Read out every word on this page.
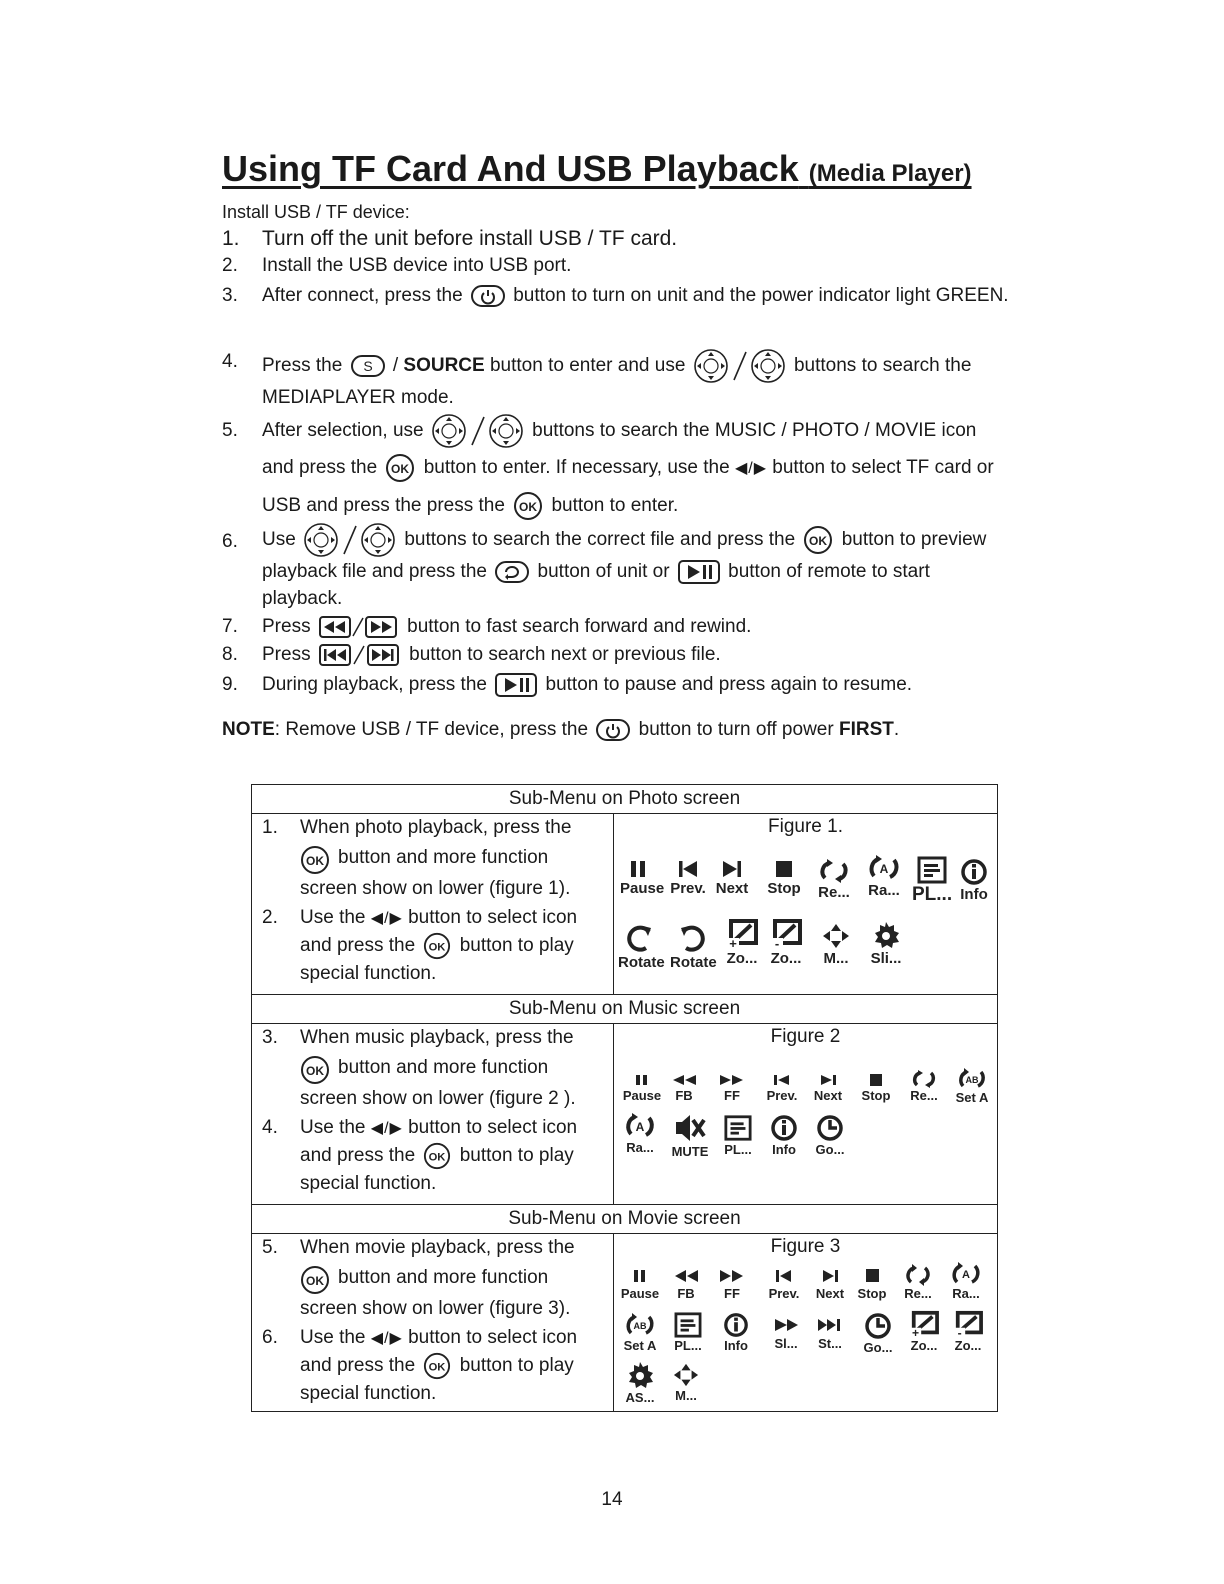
Using TF Card And USB Playback (Media Player)
Install USB / TF device:
1. Turn off the unit before install USB / TF card.
2. Install the USB device into USB port.
3. After connect, press the	button to turn on unit and the power indicator light GREEN.
4. Press the S / SOURCE button to enter and use	buttons to search the MEDIAPLAYER mode.
5. After selection, use	buttons to search the MUSIC / PHOTO / MOVIE icon and press the OK button to enter. If necessary, use the ◀/▶ button to select TF card or USB and press the press the OK button to enter.
6. Use	buttons to search the correct file and press the OK button to preview playback file and press the	button of unit or	button of remote to start playback.
7. Press	button to fast search forward and rewind.
8. Press	button to search next or previous file.
9. During playback, press the	button to pause and press again to resume.
NOTE: Remove USB / TF device, press the	button to turn off power FIRST.
Sub-Menu on Photo screen
1. When photo playback, press the

OK button and more function screen show on lower (figure 1).
2. Use the ◀/▶ button to select icon and press the OK button to play special function.
Figure 1.
Pause Prev. Next Stop Re...
A
Ra... PL... Info
Rotate Rotate
+
Zo...
-
Zo...	M...	Sli...
Sub-Menu on Music screen
3. When music playback, press the

OK button and more function screen show on lower (figure 2 ).
4. Use the ◀/▶ button to select icon and press the OK button to play special function.
Figure 2
Pause	FB	FF	Prev.	Next	Stop	Re...
AB
Set A
A
Ra...	MUTE	PL...	Info	Go...
Sub-Menu on Movie screen
5. When movie playback, press the

OK button and more function screen show on lower (figure 3).
6. Use the ◀/▶ button to select icon and press the OK button to play special function.
Figure 3
Pause	FB	FF	Prev.	Next	Stop	Re...
A
Ra...
AB
Set A	PL...	Info	Sl...	St...	Go...
+
Zo...
-
Zo...
AS...	M...
14
